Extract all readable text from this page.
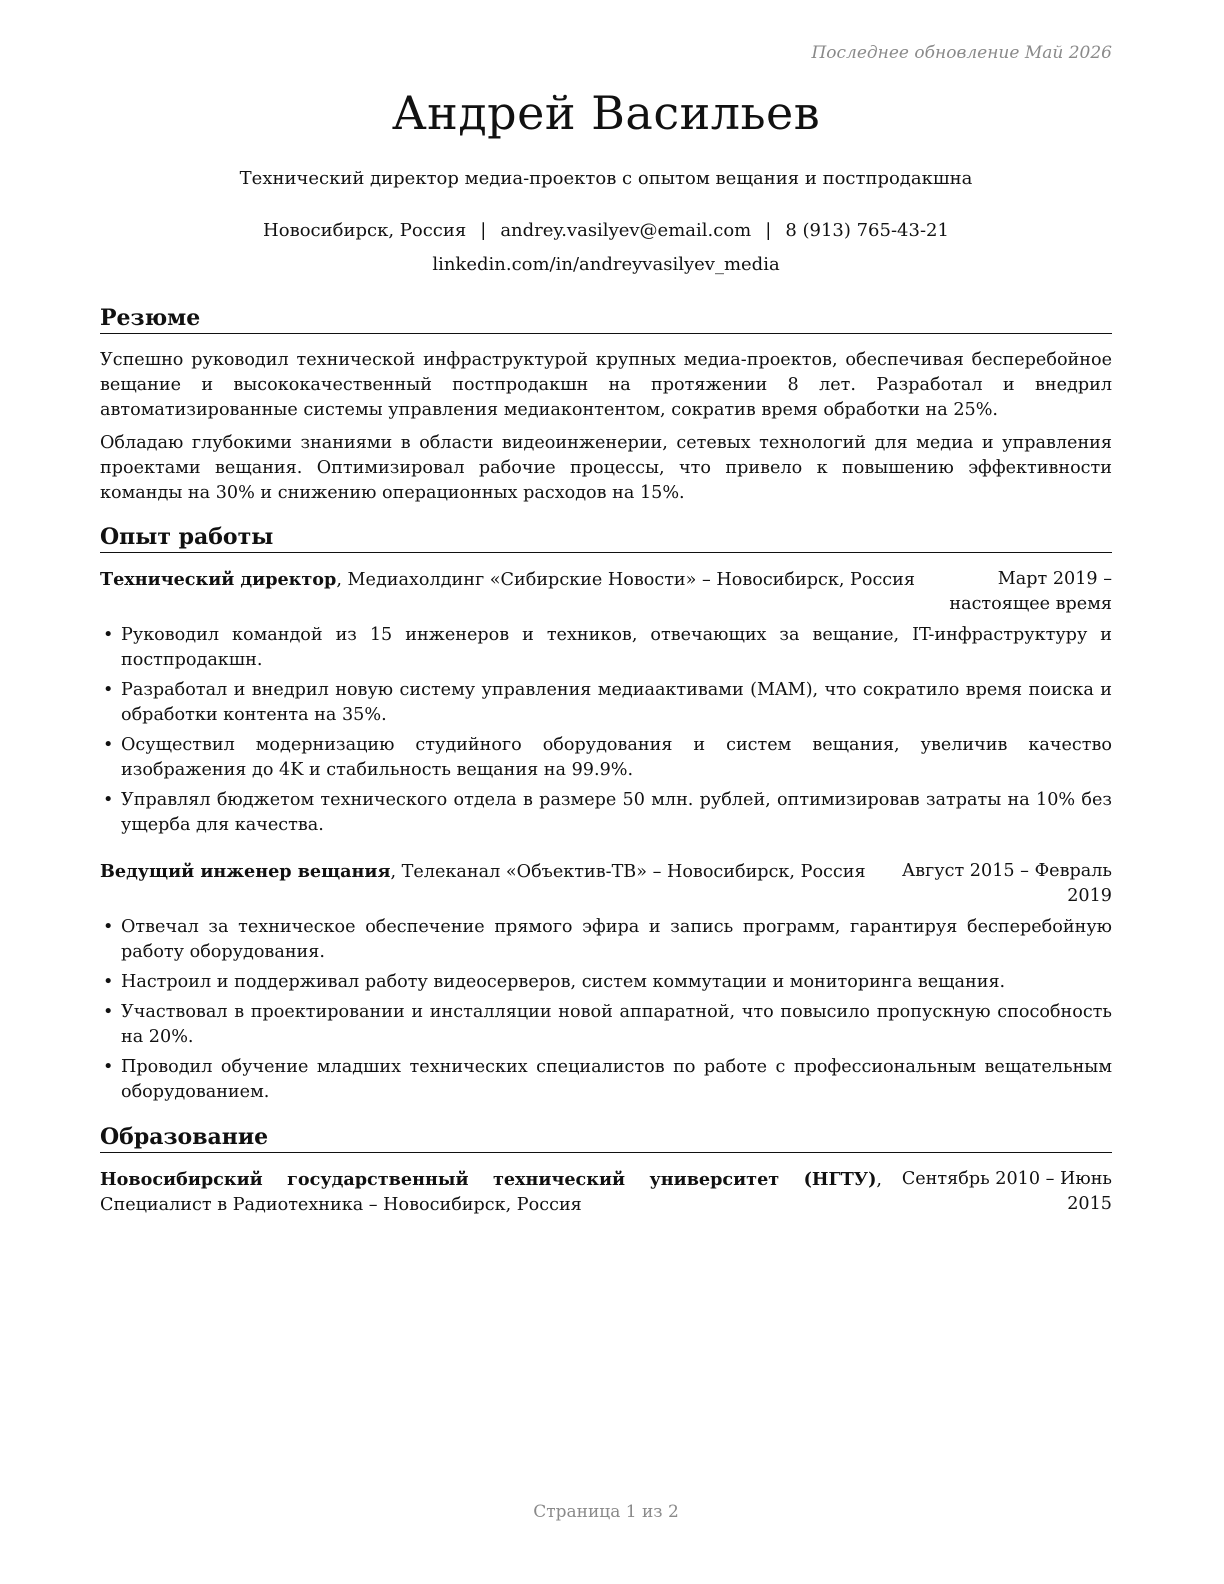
Последнее обновление Май 2026
Андрей Васильев
Технический директор медиа-проектов с опытом вещания и постпродакшна
Новосибирск, Россия | andrey.vasilyev@email.com | 8 (913) 765-43-21
linkedin.com/in/andreyvasilyev_media
Резюме

Успешно руководил технической инфраструктурой крупных медиа-проектов, обеспечивая бесперебойное вещание и высококачественный постпродакшн на протяжении 8 лет. Разработал и внедрил автоматизированные системы управления медиаконтентом, сократив время обработки на 25%.

Обладаю глубокими знаниями в области видеоинженерии, сетевых технологий для медиа и управления проектами вещания. Оптимизировал рабочие процессы, что привело к повышению эффективности команды на 30% и снижению операционных расходов на 15%.

Опыт работы
Технический директор, Медиахолдинг «Сибирские Новости» – Новосибирск, Россия	Март 2019 – настоящее время
• Руководил командой из 15 инженеров и техников, отвечающих за вещание, IT-инфраструктуру и постпродакшн.
• Разработал и внедрил новую систему управления медиаактивами (MAM), что сократило время поиска и обработки контента на 35%.
• Осуществил модернизацию студийного оборудования и систем вещания, увеличив качество изображения до 4K и стабильность вещания на 99.9%.
• Управлял бюджетом технического отдела в размере 50 млн. рублей, оптимизировав затраты на 10% без ущерба для качества.
Ведущий инженер вещания, Телеканал «Объектив-ТВ» – Новосибирск, Россия	Август 2015 – Февраль 2019
• Отвечал за техническое обеспечение прямого эфира и запись программ, гарантируя бесперебойную работу оборудования.
• Настроил и поддерживал работу видеосерверов, систем коммутации и мониторинга вещания.
• Участвовал в проектировании и инсталляции новой аппаратной, что повысило пропускную способность на 20%.
• Проводил обучение младших технических специалистов по работе с профессиональным вещательным оборудованием.
Образование
Новосибирский государственный технический университет (НГТУ), Специалист в Радиотехника – Новосибирск, Россия
Сентябрь 2010 – Июнь 2015
Страница 1 из 2
